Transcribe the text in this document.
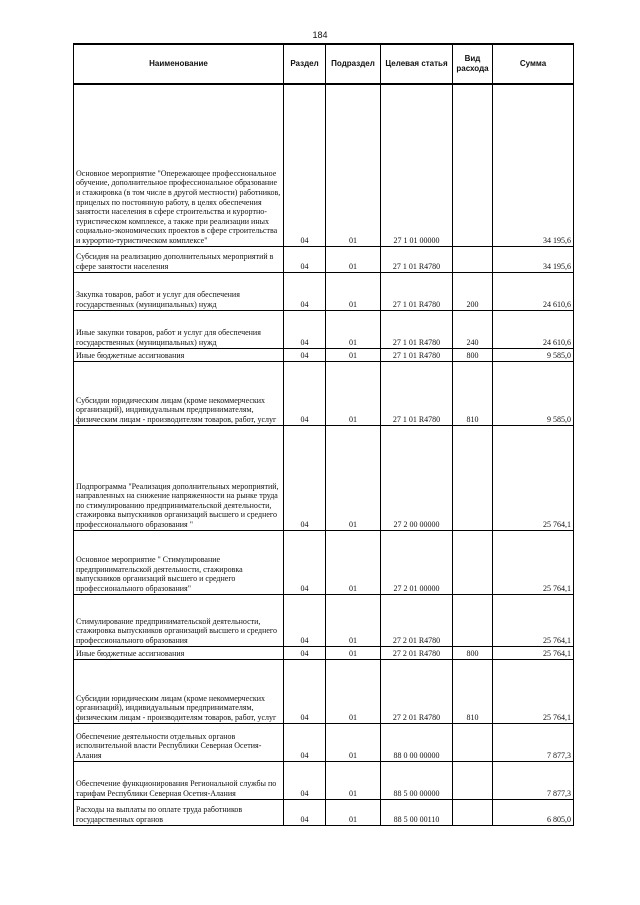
184
Наименование	Раздел	Подраздел	Целевая статья	Вид расхода	Сумма
Основное мероприятие "Опережающее профессиональное обучение, дополнительное профессиональное образование и стажировка (в том числе в другой местности) работников, прицелых по постоянную работу, в целях обеспечения занятости населения в сфере строительства и курортно-туристическом комплексе, а также при реализации иных социально-экономических проектов в сфере строительства и курортно-туристическом комплексе"	04	01	27 1 01 00000		34 195,6
Субсидия на реализацию дополнительных мероприятий в сфере занятости населения	04	01	27 1 01 R4780		34 195,6
Закупка товаров, работ и услуг для обеспечения государственных (муниципальных) нужд	04	01	27 1 01 R4780	200	24 610,6
Иные закупки товаров, работ и услуг для обеспечения государственных (муниципальных) нужд	04	01	27 1 01 R4780	240	24 610,6
Иные бюджетные ассигнования	04	01	27 1 01 R4780	800	9 585,0
Субсидии юридическим лицам (кроме некоммерческих организаций), индивидуальным предпринимателям, физическим лицам - производителям товаров, работ, услуг	04	01	27 1 01 R4780	810	9 585,0
Подпрограмма "Реализация дополнительных мероприятий, направленных на снижение напряженности на рынке труда по стимулированию предпринимательской деятельности, стажировка выпускников организаций высшего и среднего профессионального образования "	04	01	27 2 00 00000		25 764,1
Основное мероприятие " Стимулирование предпринимательской деятельности, стажировка выпускников организаций высшего и среднего профессионального образования"	04	01	27 2 01 00000		25 764,1
Стимулирование предпринимательской деятельности, стажировка выпускников организаций высшего и среднего профессионального образования	04	01	27 2 01 R4780		25 764,1
Иные бюджетные ассигнования	04	01	27 2 01 R4780	800	25 764,1
Субсидии юридическим лицам (кроме некоммерческих организаций), индивидуальным предпринимателям, физическим лицам - производителям товаров, работ, услуг	04	01	27 2 01 R4780	810	25 764,1
Обеспечение деятельности отдельных органов исполнительной власти Республики Северная Осетия-Алания	04	01	88 0 00 00000		7 877,3
Обеспечение функционирования Региональной службы по тарифам Республики Северная Осетия-Алания	04	01	88 5 00 00000		7 877,3
Расходы на выплаты по оплате труда работников государственных органов	04	01	88 5 00 00110		6 805,0
